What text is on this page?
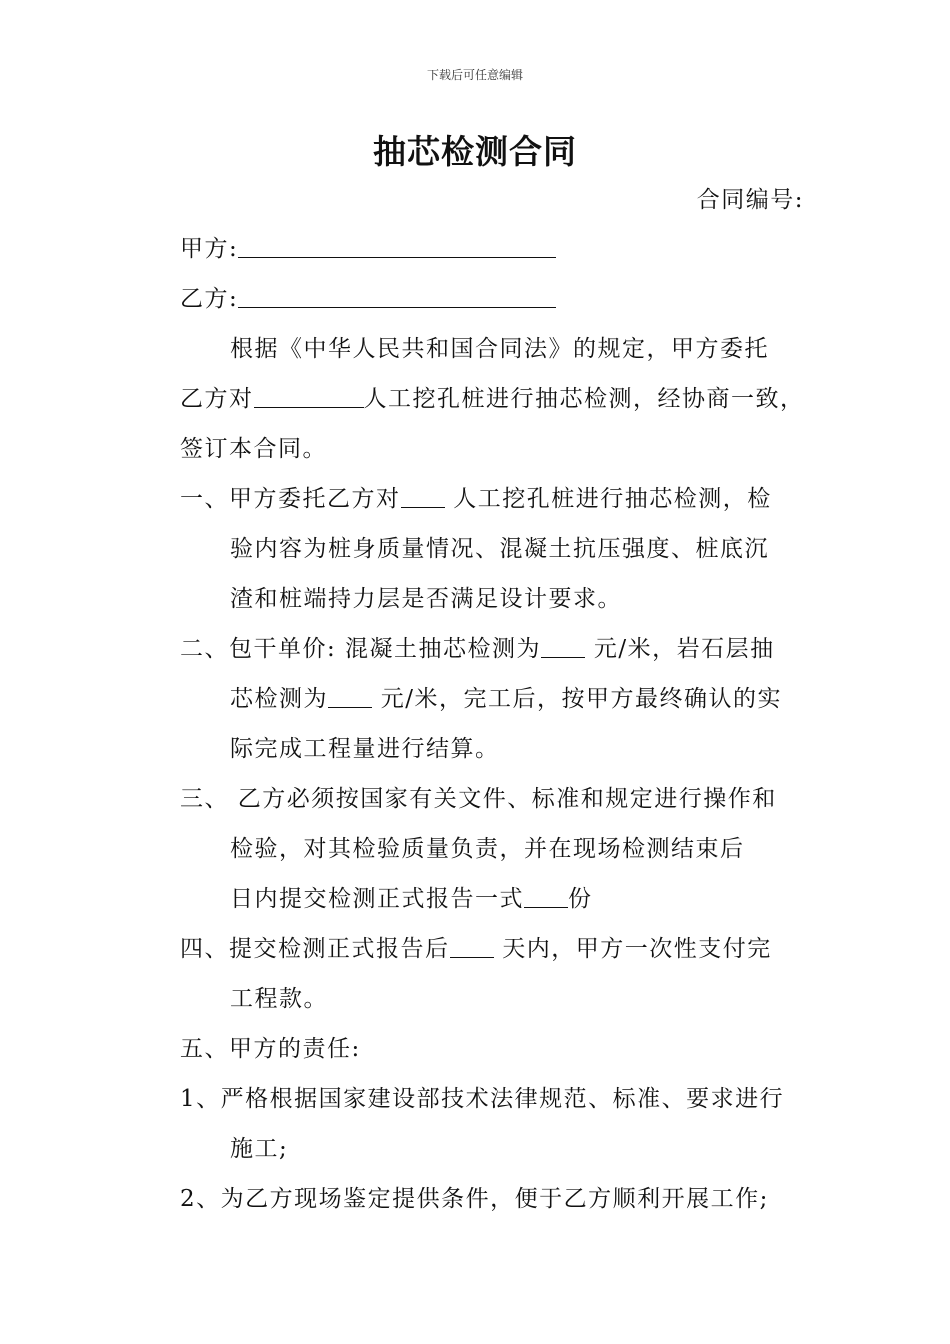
下载后可任意编辑
抽芯检测合同
合同编号:
甲方:
乙方:
根据《中华人民共和国合同法》的规定，甲方委托
乙方对	人工挖孔桩进行抽芯检测，经协商一致，
签订本合同。
一、甲方委托乙方对 人工挖孔桩进行抽芯检测，检
验内容为桩身质量情况、混凝土抗压强度、桩底沉
渣和桩端持力层是否满足设计要求。
二、包干单价: 混凝土抽芯检测为 元/米，岩石层抽
芯检测为 元/米，完工后，按甲方最终确认的实
际完成工程量进行结算。
三、 乙方必须按国家有关文件、标准和规定进行操作和
检验，对其检验质量负责，并在现场检测结束后
日内提交检测正式报告一式 份
四、提交检测正式报告后 天内，甲方一次性支付完
工程款。
五、甲方的责任:
1、严格根据国家建设部技术法律规范、标准、要求进行
施工;
2、为乙方现场鉴定提供条件，便于乙方顺利开展工作;
